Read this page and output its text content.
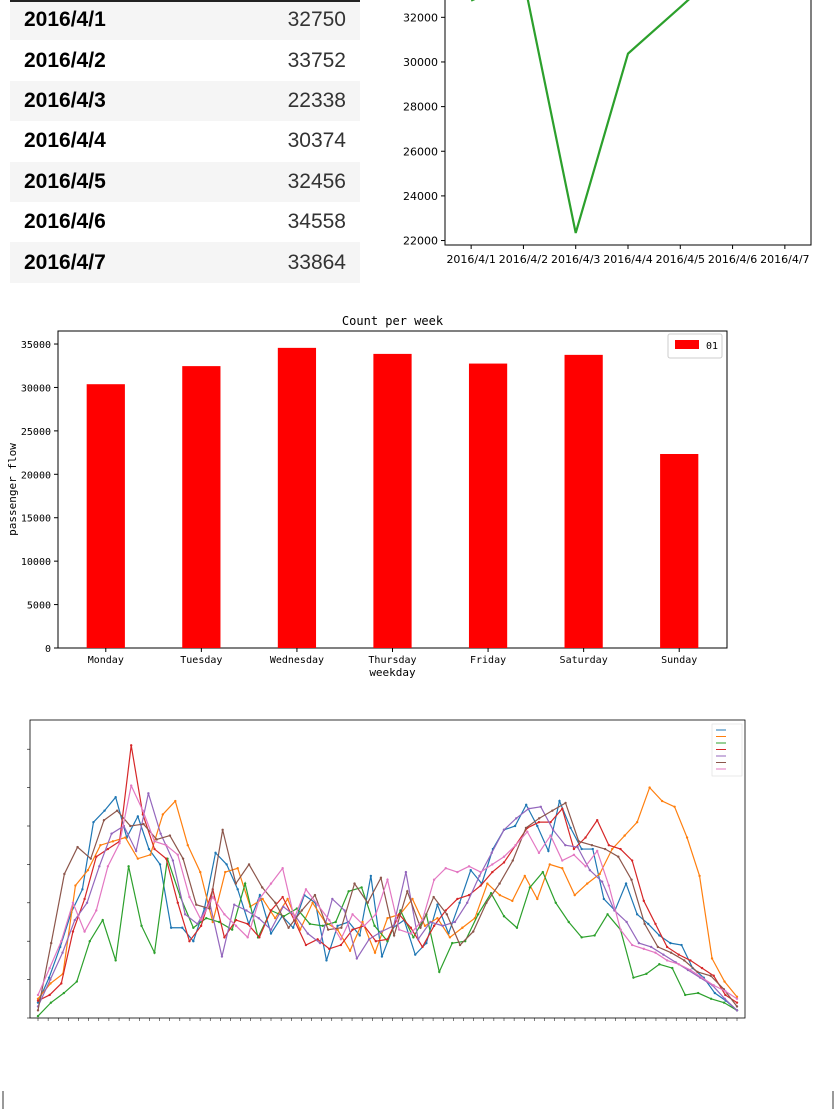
2016/4/1	32750
2016/4/2	33752
2016/4/3	22338
2016/4/4	30374
2016/4/5	32456
2016/4/6	34558
2016/4/7	33864
22000
24000
26000
28000
30000
32000
2016/4/1 2016/4/2 2016/4/3 2016/4/4 2016/4/5 2016/4/6 2016/4/7
Count per week
0
5000
10000
15000
20000
25000
30000
35000
Monday	Tuesday	Wednesday	Thursday	Friday	Saturday	Sunday
weekday
passenger flow
01
